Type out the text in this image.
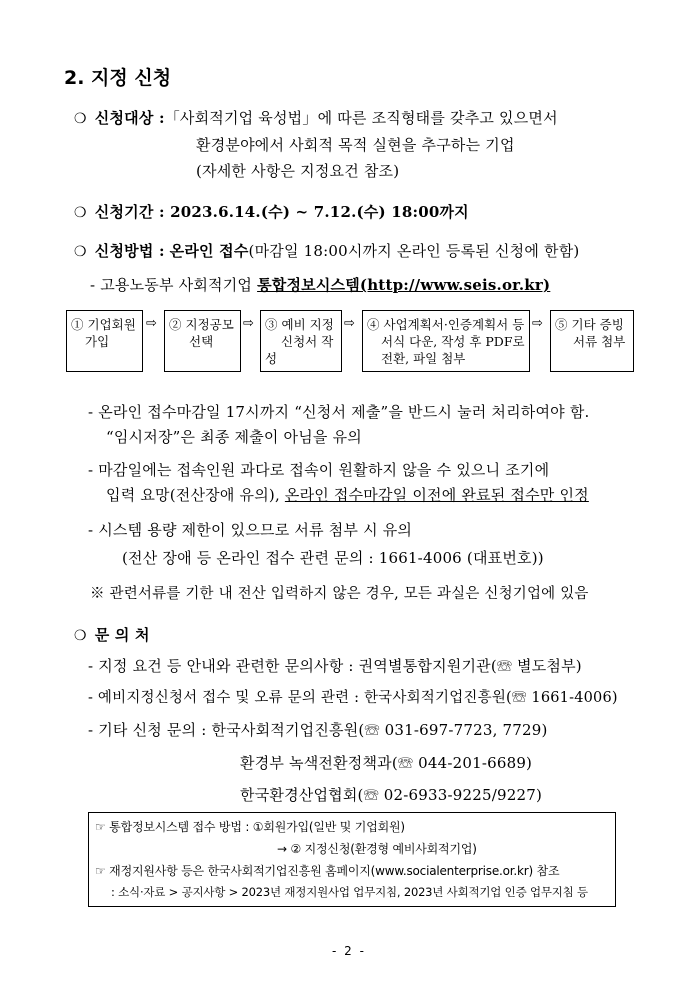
2. 지정 신청
❍ 신청대상 :「사회적기업 육성법」에 따른 조직형태를 갖추고 있으면서
환경분야에서 사회적 목적 실현을 추구하는 기업
(자세한 사항은 지정요건 참조)
❍ 신청기간 : 2023.6.14.(수) ~ 7.12.(수) 18:00까지
❍ 신청방법 : 온라인 접수(마감일 18:00시까지 온라인 등록된 신청에 한함)
- 고용노동부 사회적기업 통합정보시스템(http://www.seis.or.kr)
① 기업회원
가입
⇨ ② 지정공모
선택
⇨ ③ 예비 지정
신청서 작성
⇨ ④ 사업계획서·인증계획서 등
서식 다운, 작성 후 PDF로
전환, 파일 첨부
⇨ ⑤ 기타 증빙
서류 첨부
- 온라인 접수마감일 17시까지 “신청서 제출”을 반드시 눌러 처리하여야 함.
“임시저장”은 최종 제출이 아님을 유의
- 마감일에는 접속인원 과다로 접속이 원활하지 않을 수 있으니 조기에
입력 요망(전산장애 유의), 온라인 접수마감일 이전에 완료된 접수만 인정
- 시스템 용량 제한이 있으므로 서류 첨부 시 유의
(전산 장애 등 온라인 접수 관련 문의 : 1661-4006 (대표번호))
※ 관련서류를 기한 내 전산 입력하지 않은 경우, 모든 과실은 신청기업에 있음
❍ 문 의 처
- 지정 요건 등 안내와 관련한 문의사항 : 권역별통합지원기관(☏ 별도첨부)
- 예비지정신청서 접수 및 오류 문의 관련 : 한국사회적기업진흥원(☏ 1661-4006)
- 기타 신청 문의 : 한국사회적기업진흥원(☏ 031-697-7723, 7729)
환경부 녹색전환정책과(☏ 044-201-6689)
한국환경산업협회(☏ 02-6933-9225/9227)
☞ 통합정보시스템 접수 방법 : ①회원가입(일반 및 기업회원)
→ ② 지정신청(환경형 예비사회적기업)
☞ 재정지원사항 등은 한국사회적기업진흥원 홈페이지(www.socialenterprise.or.kr) 참조
: 소식·자료 > 공지사항 > 2023년 재정지원사업 업무지침, 2023년 사회적기업 인증 업무지침 등
- 2 -
